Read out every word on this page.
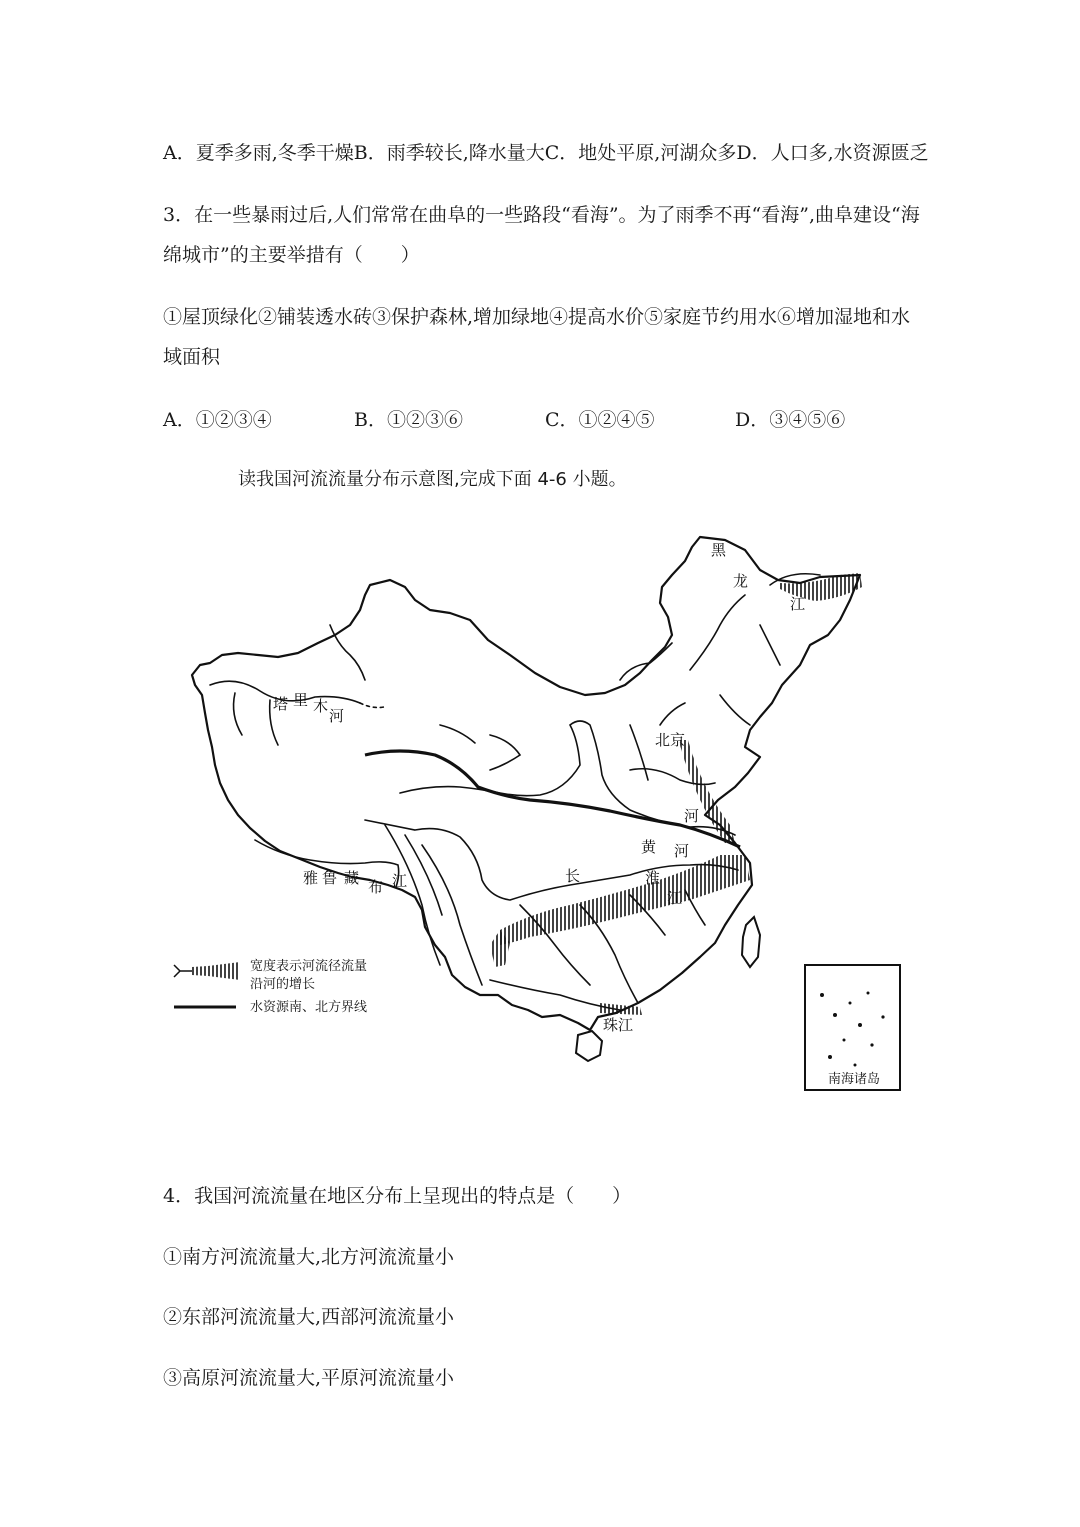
A．夏季多雨,冬季干燥B．雨季较长,降水量大C．地处平原,河湖众多D．人口多,水资源匮乏
3．在一些暴雨过后,人们常常在曲阜的一些路段“看海”。为了雨季不再“看海”,曲阜建设“海
绵城市”的主要举措有（　　）
①屋顶绿化②铺装透水砖③保护森林,增加绿地④提高水价⑤家庭节约用水⑥增加湿地和水
域面积
A．①②③④	B．①②③⑥	C．①②④⑤	D．③④⑤⑥
读我国河流流量分布示意图,完成下面 4-6 小题。
南海诸岛
黑
龙
江
塔 里 木
河
北京
河
黄
淮
河
长
江
雅 鲁 藏 布 江
珠江
宽度表示河流径流量
沿河的增长
水资源南、北方界线
4．我国河流流量在地区分布上呈现出的特点是（　　）
①南方河流流量大,北方河流流量小
②东部河流流量大,西部河流流量小
③高原河流流量大,平原河流流量小
